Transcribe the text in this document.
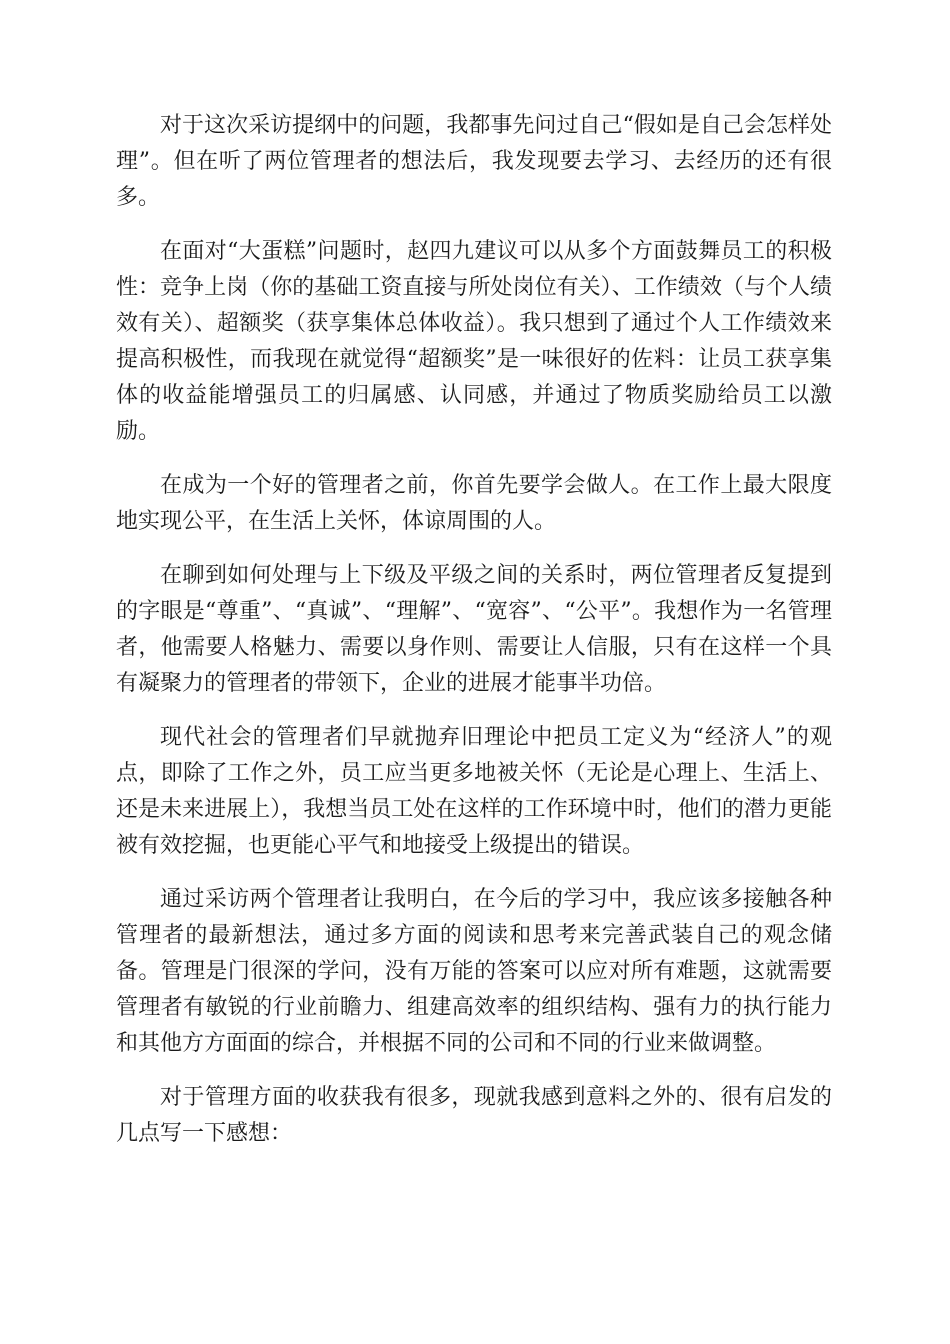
对于这次采访提纲中的问题，我都事先问过自己“假如是自己会怎样处理”。但在听了两位管理者的想法后，我发现要去学习、去经历的还有很多。

在面对“大蛋糕”问题时，赵四九建议可以从多个方面鼓舞员工的积极性：竞争上岗（你的基础工资直接与所处岗位有关）、工作绩效（与个人绩效有关）、超额奖（获享集体总体收益）。我只想到了通过个人工作绩效来提高积极性，而我现在就觉得“超额奖”是一味很好的佐料：让员工获享集体的收益能增强员工的归属感、认同感，并通过了物质奖励给员工以激励。

在成为一个好的管理者之前，你首先要学会做人。在工作上最大限度地实现公平，在生活上关怀，体谅周围的人。

在聊到如何处理与上下级及平级之间的关系时，两位管理者反复提到的字眼是“尊重”、“真诚”、“理解”、“宽容”、“公平”。我想作为一名管理者，他需要人格魅力、需要以身作则、需要让人信服，只有在这样一个具有凝聚力的管理者的带领下，企业的进展才能事半功倍。

现代社会的管理者们早就抛弃旧理论中把员工定义为“经济人”的观点，即除了工作之外，员工应当更多地被关怀（无论是心理上、生活上、还是未来进展上），我想当员工处在这样的工作环境中时，他们的潜力更能被有效挖掘，也更能心平气和地接受上级提出的错误。

通过采访两个管理者让我明白，在今后的学习中，我应该多接触各种管理者的最新想法，通过多方面的阅读和思考来完善武装自己的观念储备。管理是门很深的学问，没有万能的答案可以应对所有难题，这就需要管理者有敏锐的行业前瞻力、组建高效率的组织结构、强有力的执行能力和其他方方面面的综合，并根据不同的公司和不同的行业来做调整。

对于管理方面的收获我有很多，现就我感到意料之外的、很有启发的几点写一下感想：
